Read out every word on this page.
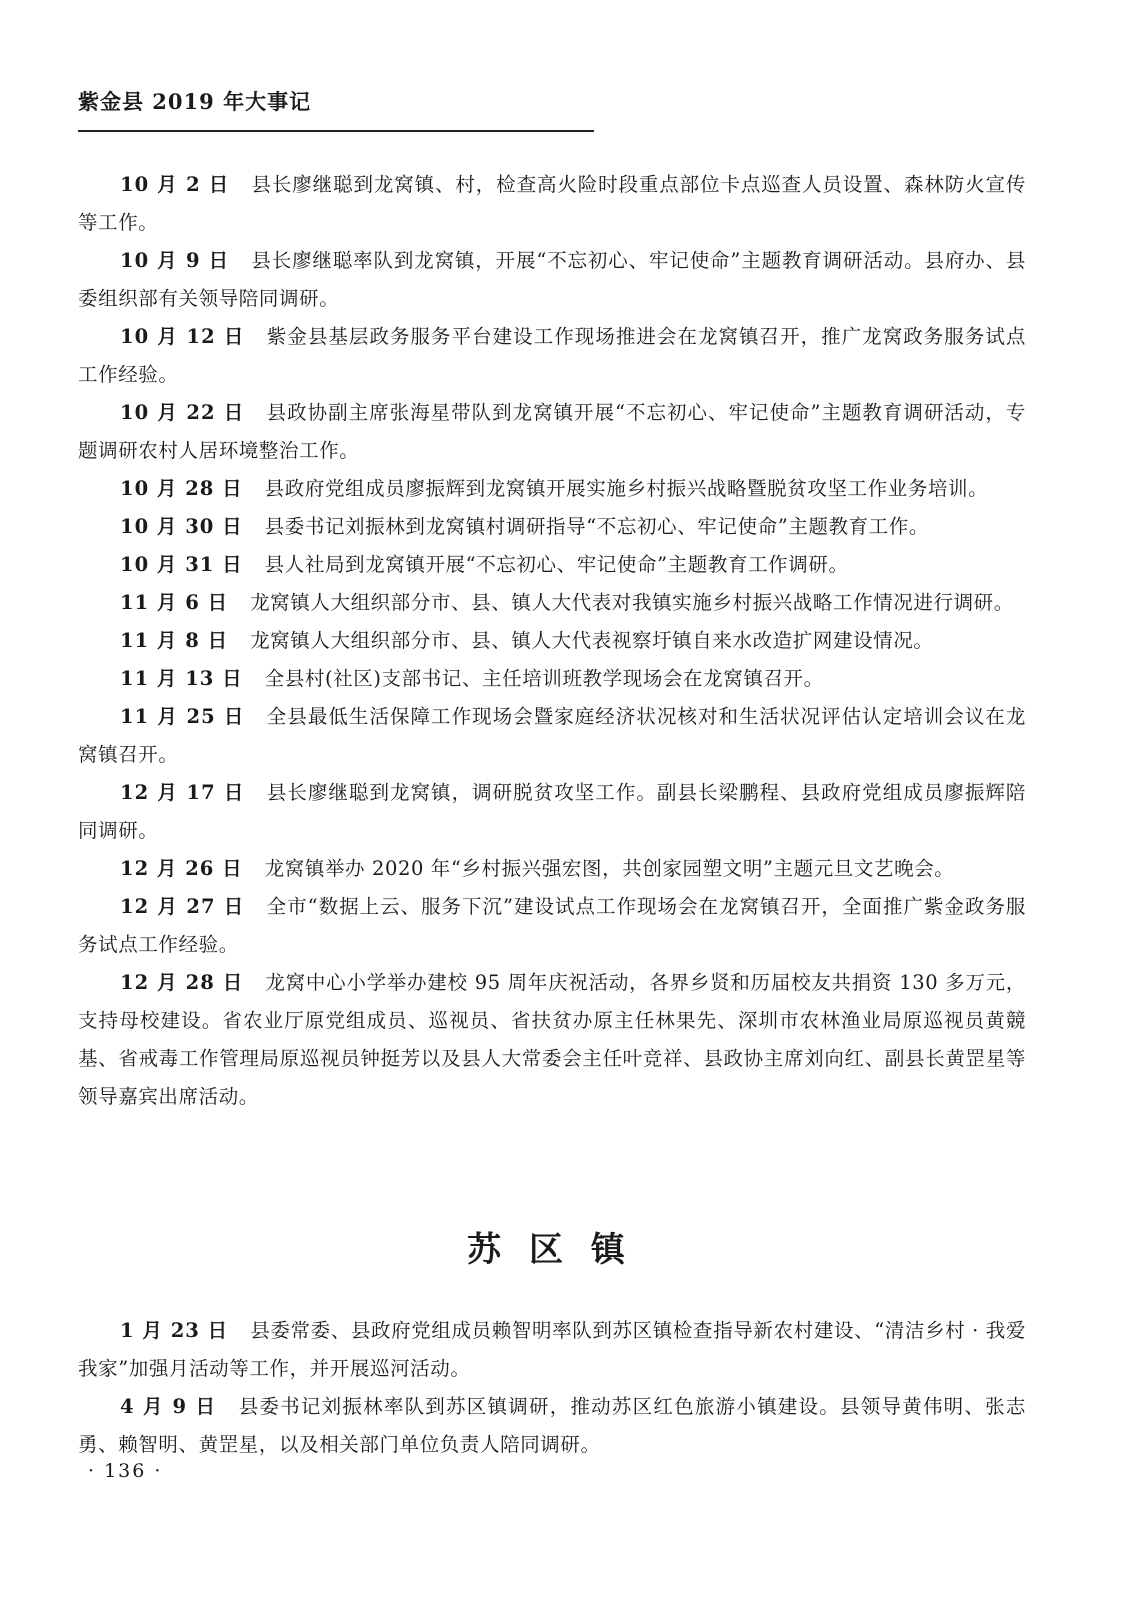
紫金县 2019 年大事记

10 月 2 日 县长廖继聪到龙窝镇、村，检查高火险时段重点部位卡点巡查人员设置、森林防火宣传等工作。

10 月 9 日 县长廖继聪率队到龙窝镇，开展“不忘初心、牢记使命”主题教育调研活动。县府办、县委组织部有关领导陪同调研。

10 月 12 日 紫金县基层政务服务平台建设工作现场推进会在龙窝镇召开，推广龙窝政务服务试点工作经验。

10 月 22 日 县政协副主席张海星带队到龙窝镇开展“不忘初心、牢记使命”主题教育调研活动，专题调研农村人居环境整治工作。

10 月 28 日 县政府党组成员廖振辉到龙窝镇开展实施乡村振兴战略暨脱贫攻坚工作业务培训。

10 月 30 日 县委书记刘振林到龙窝镇村调研指导“不忘初心、牢记使命”主题教育工作。

10 月 31 日 县人社局到龙窝镇开展“不忘初心、牢记使命”主题教育工作调研。

11 月 6 日 龙窝镇人大组织部分市、县、镇人大代表对我镇实施乡村振兴战略工作情况进行调研。

11 月 8 日 龙窝镇人大组织部分市、县、镇人大代表视察圩镇自来水改造扩网建设情况。

11 月 13 日 全县村(社区)支部书记、主任培训班教学现场会在龙窝镇召开。

11 月 25 日 全县最低生活保障工作现场会暨家庭经济状况核对和生活状况评估认定培训会议在龙窝镇召开。

12 月 17 日 县长廖继聪到龙窝镇，调研脱贫攻坚工作。副县长梁鹏程、县政府党组成员廖振辉陪同调研。

12 月 26 日 龙窝镇举办 2020 年“乡村振兴强宏图，共创家园塑文明”主题元旦文艺晚会。

12 月 27 日 全市“数据上云、服务下沉”建设试点工作现场会在龙窝镇召开，全面推广紫金政务服务试点工作经验。

12 月 28 日 龙窝中心小学举办建校 95 周年庆祝活动，各界乡贤和历届校友共捐资 130 多万元，支持母校建设。省农业厅原党组成员、巡视员、省扶贫办原主任林果先、深圳市农林渔业局原巡视员黄競基、省戒毒工作管理局原巡视员钟挺芳以及县人大常委会主任叶竞祥、县政协主席刘向红、副县长黄罡星等领导嘉宾出席活动。

苏 区 镇

1 月 23 日 县委常委、县政府党组成员赖智明率队到苏区镇检查指导新农村建设、“清洁乡村 · 我爱我家”加强月活动等工作，并开展巡河活动。

4 月 9 日 县委书记刘振林率队到苏区镇调研，推动苏区红色旅游小镇建设。县领导黄伟明、张志勇、赖智明、黄罡星，以及相关部门单位负责人陪同调研。

· 136 ·
